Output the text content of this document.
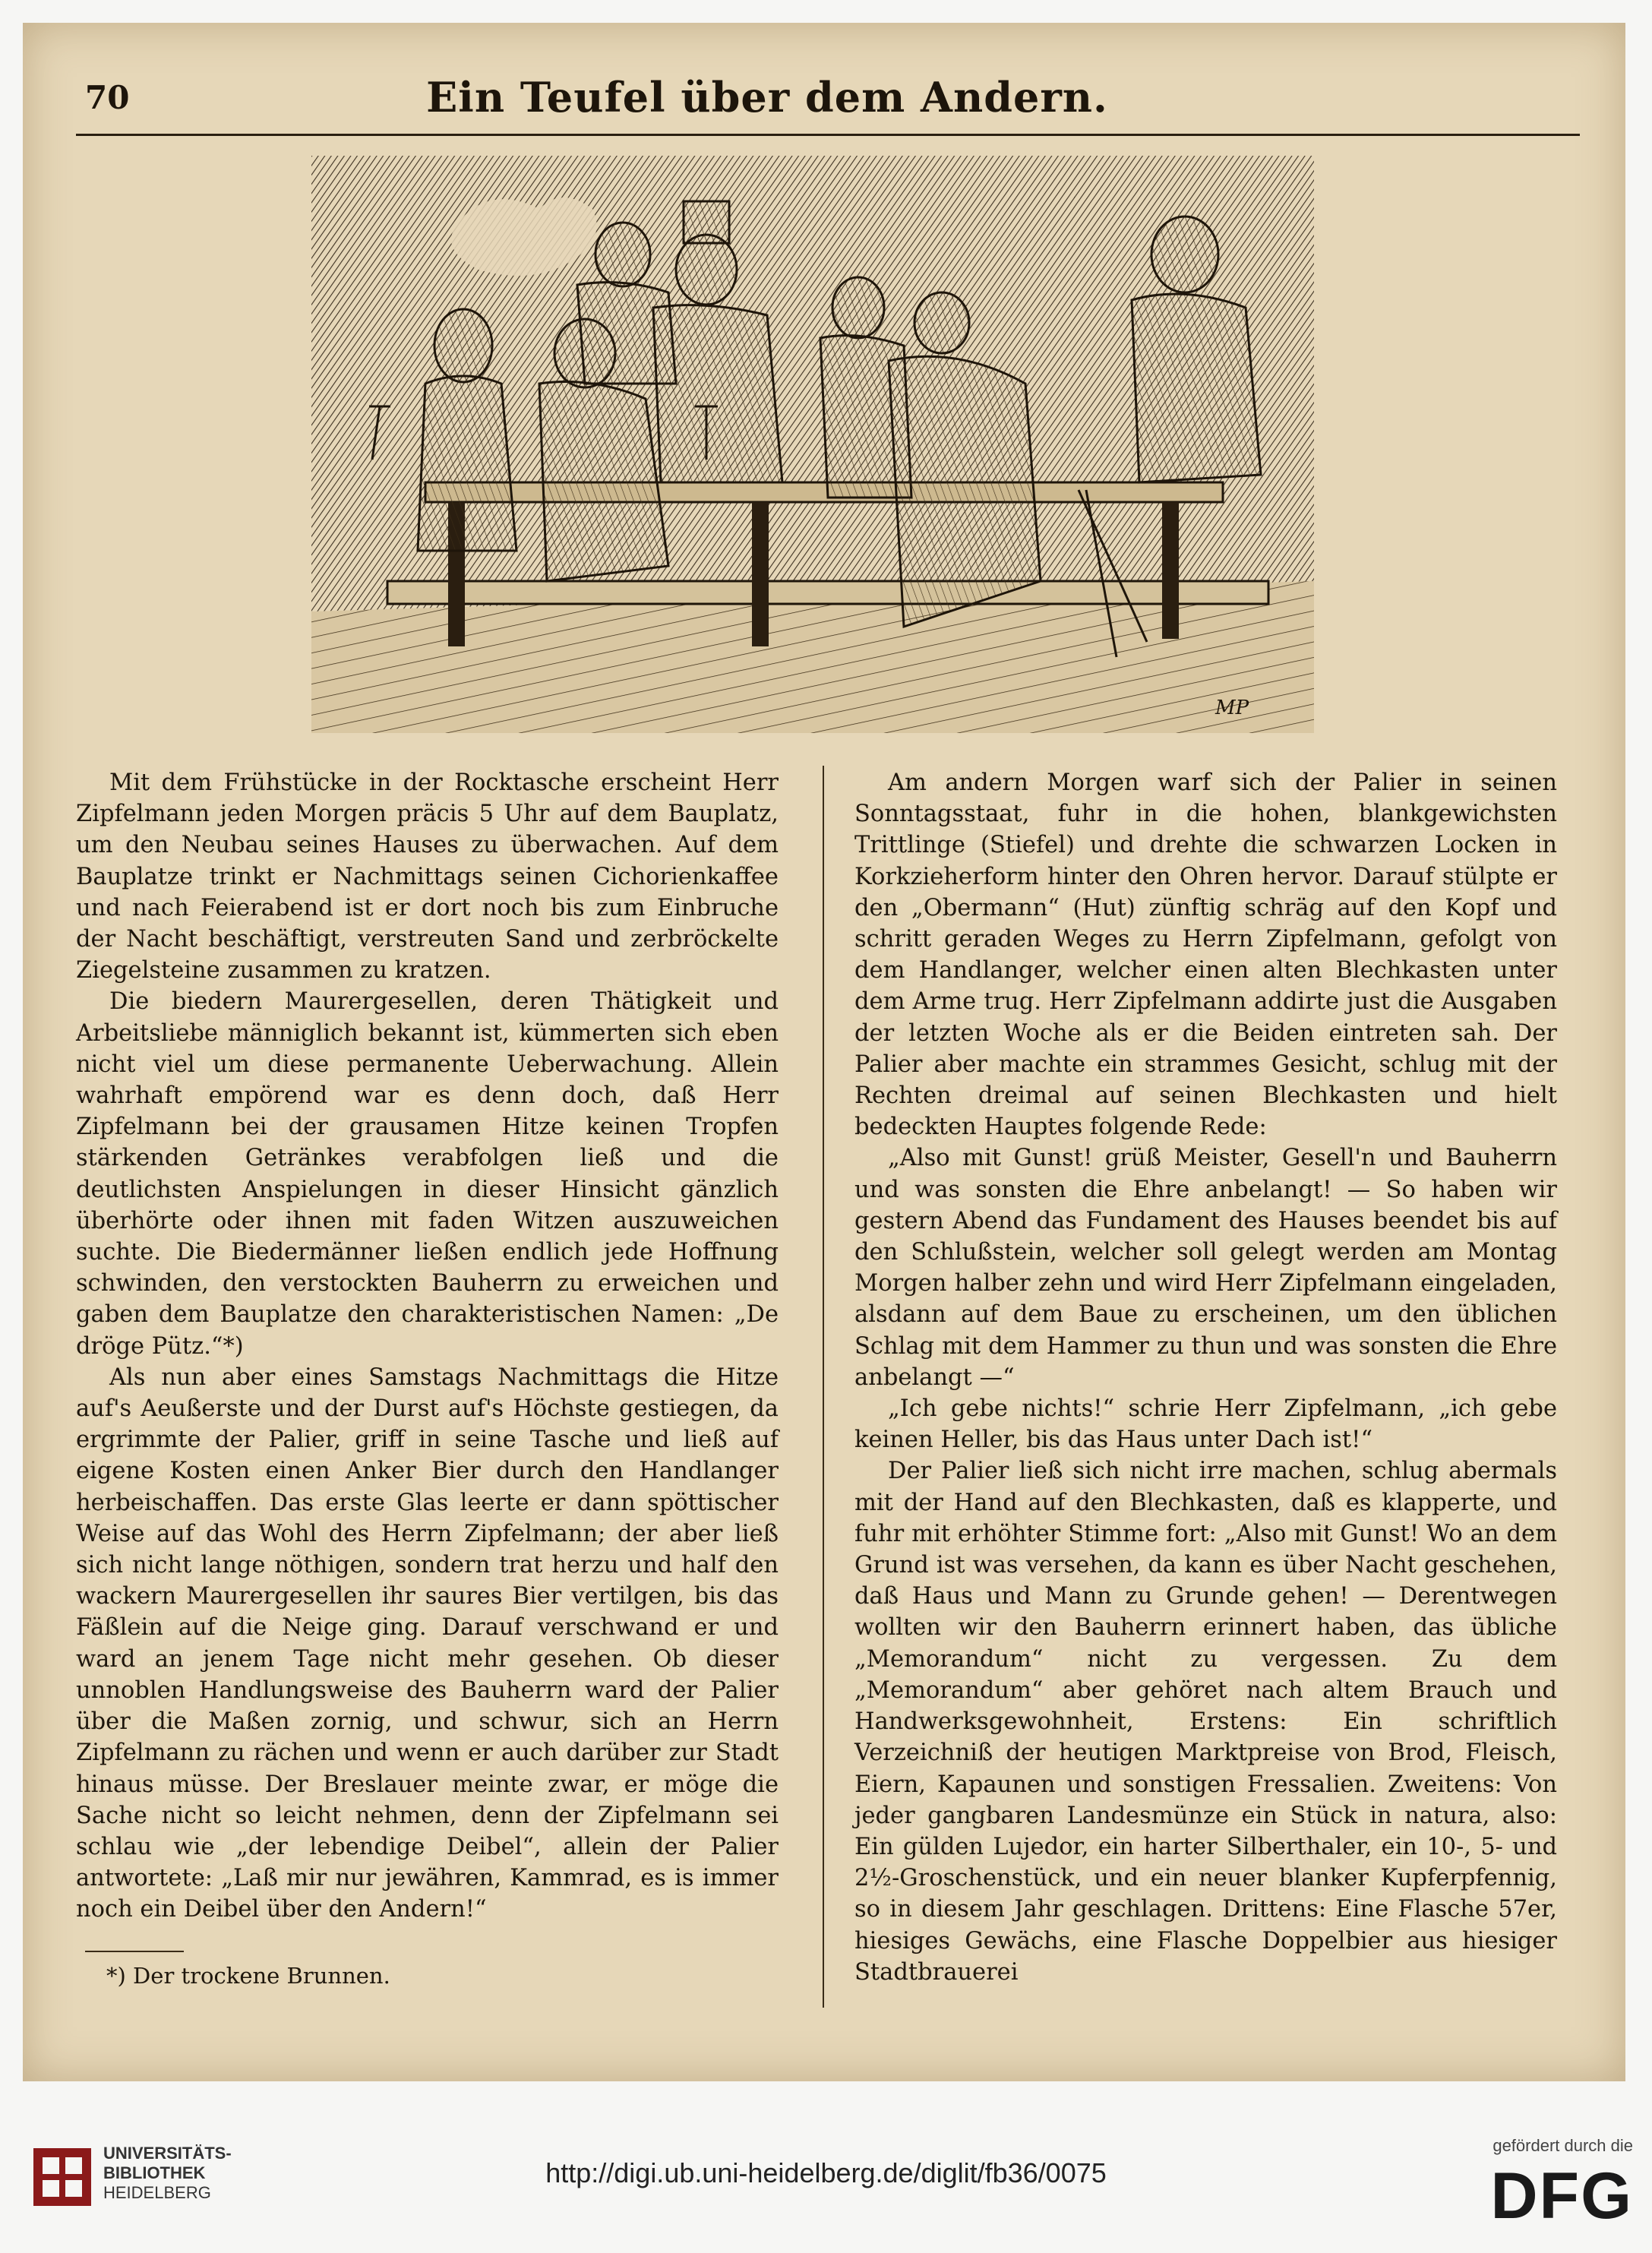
70	Ein Teufel über dem Andern.
MP

Mit dem Frühstücke in der Rocktasche erscheint Herr Zipfelmann jeden Morgen präcis 5 Uhr auf dem Bauplatz, um den Neubau seines Hauses zu überwachen. Auf dem Bauplatze trinkt er Nachmittags seinen Cichorienkaffee und nach Feierabend ist er dort noch bis zum Einbruche der Nacht beschäftigt, verstreuten Sand und zerbröckelte Ziegelsteine zusammen zu kratzen.

Die biedern Maurergesellen, deren Thätigkeit und Arbeitsliebe männiglich bekannt ist, kümmerten sich eben nicht viel um diese permanente Ueberwachung. Allein wahrhaft empörend war es denn doch, daß Herr Zipfelmann bei der grausamen Hitze keinen Tropfen stärkenden Getränkes verabfolgen ließ und die deutlichsten Anspielungen in dieser Hinsicht gänzlich überhörte oder ihnen mit faden Witzen auszuweichen suchte. Die Biedermänner ließen endlich jede Hoffnung schwinden, den verstockten Bauherrn zu erweichen und gaben dem Bauplatze den charakteristischen Namen: „De dröge Pütz.“*)

Als nun aber eines Samstags Nachmittags die Hitze auf's Aeußerste und der Durst auf's Höchste gestiegen, da ergrimmte der Palier, griff in seine Tasche und ließ auf eigene Kosten einen Anker Bier durch den Handlanger herbeischaffen. Das erste Glas leerte er dann spöttischer Weise auf das Wohl des Herrn Zipfelmann; der aber ließ sich nicht lange nöthigen, sondern trat herzu und half den wackern Maurergesellen ihr saures Bier vertilgen, bis das Fäßlein auf die Neige ging. Darauf verschwand er und ward an jenem Tage nicht mehr gesehen. Ob dieser unnoblen Handlungsweise des Bauherrn ward der Palier über die Maßen zornig, und schwur, sich an Herrn Zipfelmann zu rächen und wenn er auch darüber zur Stadt hinaus müsse. Der Breslauer meinte zwar, er möge die Sache nicht so leicht nehmen, denn der Zipfelmann sei schlau wie „der lebendige Deibel“, allein der Palier antwortete: „Laß mir nur jewähren, Kammrad, es is immer noch ein Deibel über den Andern!“

Am andern Morgen warf sich der Palier in seinen Sonntagsstaat, fuhr in die hohen, blankgewichsten Trittlinge (Stiefel) und drehte die schwarzen Locken in Korkzieherform hinter den Ohren hervor. Darauf stülpte er den „Obermann“ (Hut) zünftig schräg auf den Kopf und schritt geraden Weges zu Herrn Zipfelmann, gefolgt von dem Handlanger, welcher einen alten Blechkasten unter dem Arme trug. Herr Zipfelmann addirte just die Ausgaben der letzten Woche als er die Beiden eintreten sah. Der Palier aber machte ein strammes Gesicht, schlug mit der Rechten dreimal auf seinen Blechkasten und hielt bedeckten Hauptes folgende Rede:

„Also mit Gunst! grüß Meister, Gesell'n und Bauherrn und was sonsten die Ehre anbelangt! — So haben wir gestern Abend das Fundament des Hauses beendet bis auf den Schlußstein, welcher soll gelegt werden am Montag Morgen halber zehn und wird Herr Zipfelmann eingeladen, alsdann auf dem Baue zu erscheinen, um den üblichen Schlag mit dem Hammer zu thun und was sonsten die Ehre anbelangt —“

„Ich gebe nichts!“ schrie Herr Zipfelmann, „ich gebe keinen Heller, bis das Haus unter Dach ist!“

Der Palier ließ sich nicht irre machen, schlug abermals mit der Hand auf den Blechkasten, daß es klapperte, und fuhr mit erhöhter Stimme fort: „Also mit Gunst! Wo an dem Grund ist was versehen, da kann es über Nacht geschehen, daß Haus und Mann zu Grunde gehen! — Derentwegen wollten wir den Bauherrn erinnert haben, das übliche „Memorandum“ nicht zu vergessen. Zu dem „Memorandum“ aber gehöret nach altem Brauch und Handwerksgewohnheit, Erstens: Ein schriftlich Verzeichniß der heutigen Marktpreise von Brod, Fleisch, Eiern, Kapaunen und sonstigen Fressalien. Zweitens: Von jeder gangbaren Landesmünze ein Stück in natura, also: Ein gülden Lujedor, ein harter Silberthaler, ein 10-, 5- und 2½-Groschenstück, und ein neuer blanker Kupferpfennig, so in diesem Jahr geschlagen. Drittens: Eine Flasche 57er, hiesiges Gewächs, eine Flasche Doppelbier aus hiesiger Stadtbrauerei

*) Der trockene Brunnen.
UNIVERSITÄTS-
BIBLIOTHEK
HEIDELBERG
http://digi.ub.uni-heidelberg.de/diglit/fb36/0075
gefördert durch die
DFG
